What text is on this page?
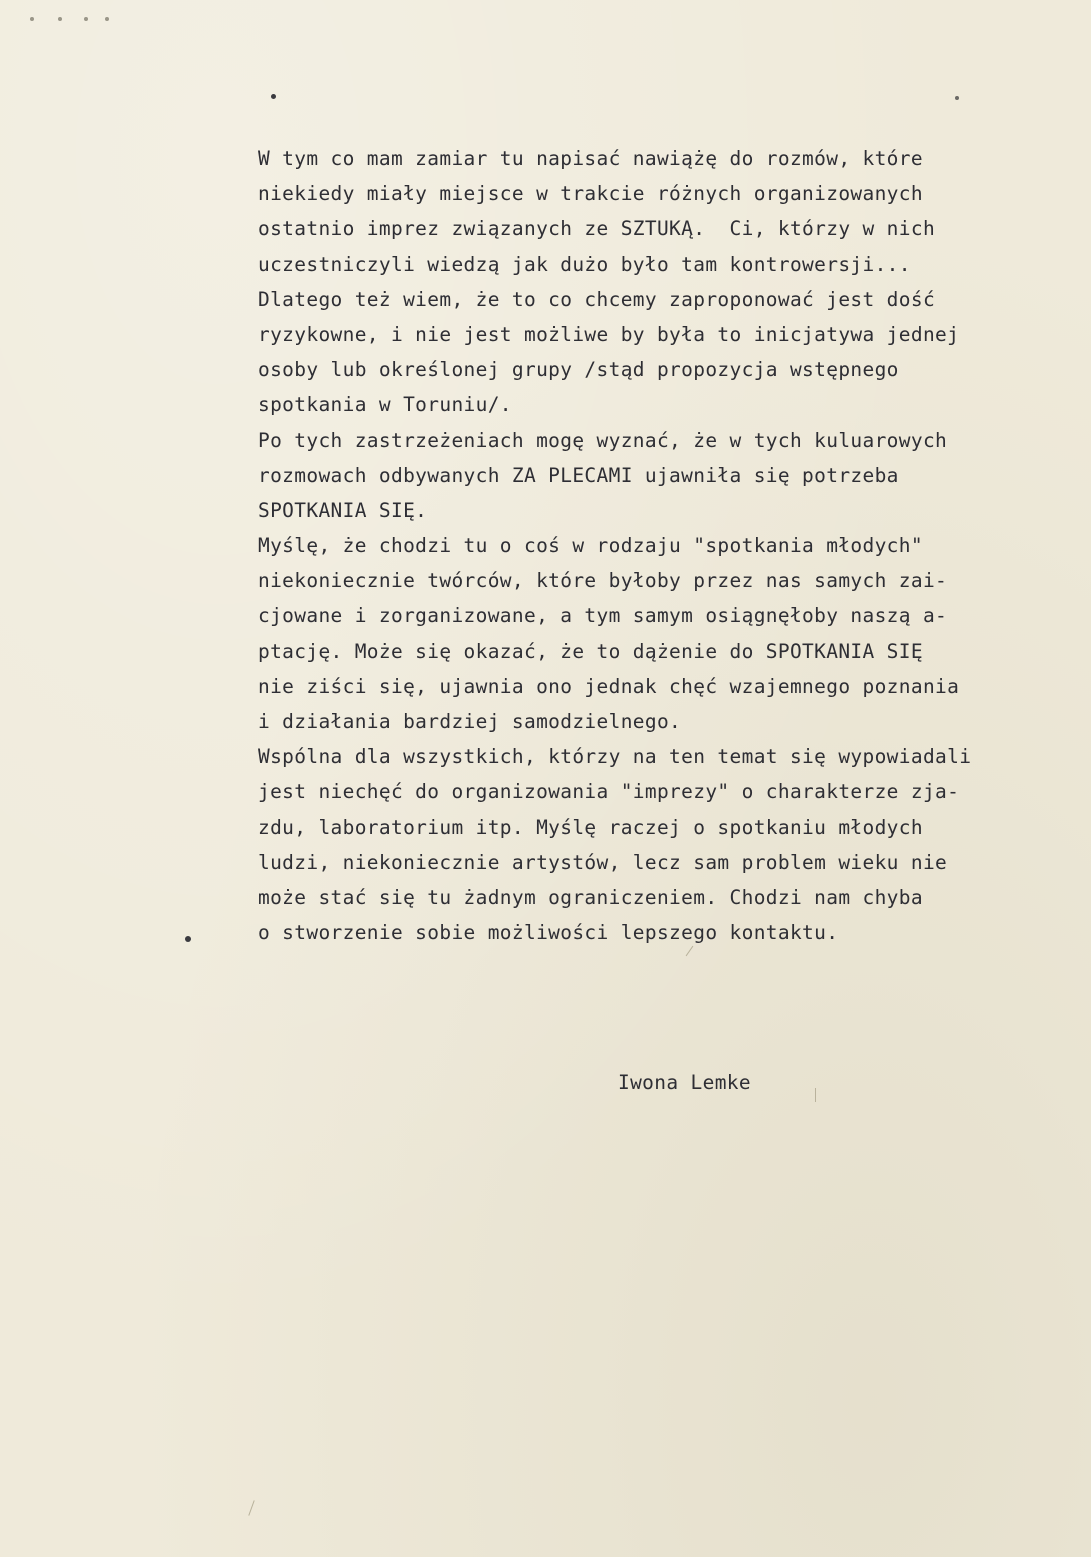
W tym co mam zamiar tu napisać nawiążę do rozmów, które
niekiedy miały miejsce w trakcie różnych organizowanych
ostatnio imprez związanych ze SZTUKĄ.  Ci, którzy w nich
uczestniczyli wiedzą jak dużo było tam kontrowersji...
Dlatego też wiem, że to co chcemy zaproponować jest dość
ryzykowne, i nie jest możliwe by była to inicjatywa jednej
osoby lub określonej grupy /stąd propozycja wstępnego
spotkania w Toruniu/.
Po tych zastrzeżeniach mogę wyznać, że w tych kuluarowych
rozmowach odbywanych ZA PLECAMI ujawniła się potrzeba
SPOTKANIA SIĘ.
Myślę, że chodzi tu o coś w rodzaju "spotkania młodych"
niekoniecznie twórców, które byłoby przez nas samych zai-
cjowane i zorganizowane, a tym samym osiągnęłoby naszą a-
ptację. Może się okazać, że to dążenie do SPOTKANIA SIĘ
nie ziści się, ujawnia ono jednak chęć wzajemnego poznania
i działania bardziej samodzielnego.
Wspólna dla wszystkich, którzy na ten temat się wypowiadali
jest niechęć do organizowania "imprezy" o charakterze zja-
zdu, laboratorium itp. Myślę raczej o spotkaniu młodych
ludzi, niekoniecznie artystów, lecz sam problem wieku nie
może stać się tu żadnym ograniczeniem. Chodzi nam chyba
o stworzenie sobie możliwości lepszego kontaktu.
Iwona Lemke
